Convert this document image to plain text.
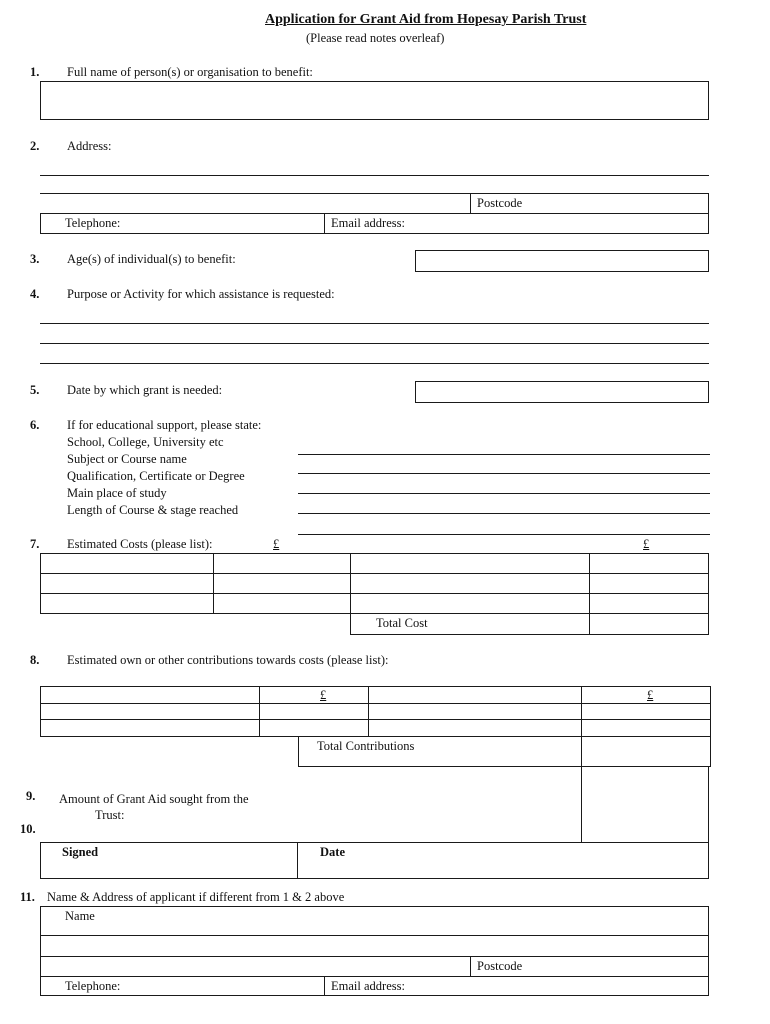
Application for Grant Aid from Hopesay Parish Trust
(Please read notes overleaf)
1. Full name of person(s) or organisation to benefit:
2. Address:
Postcode
Telephone:	Email address:
3. Age(s) of individual(s) to benefit:
4. Purpose or Activity for which assistance is requested:
5. Date by which grant is needed:
6. If for educational support, please state:
School, College, University etc
Subject or Course name
Qualification, Certificate or Degree
Main place of study
Length of Course & stage reached
7. Estimated Costs (please list):	£	£
Total Cost
8. Estimated own or other contributions towards costs (please list):
£	£
Total Contributions
9. Amount of Grant Aid sought from the
Trust:
10.
Signed	Date
11. Name & Address of applicant if different from 1 & 2 above
Name
Postcode
Telephone:	Email address:
